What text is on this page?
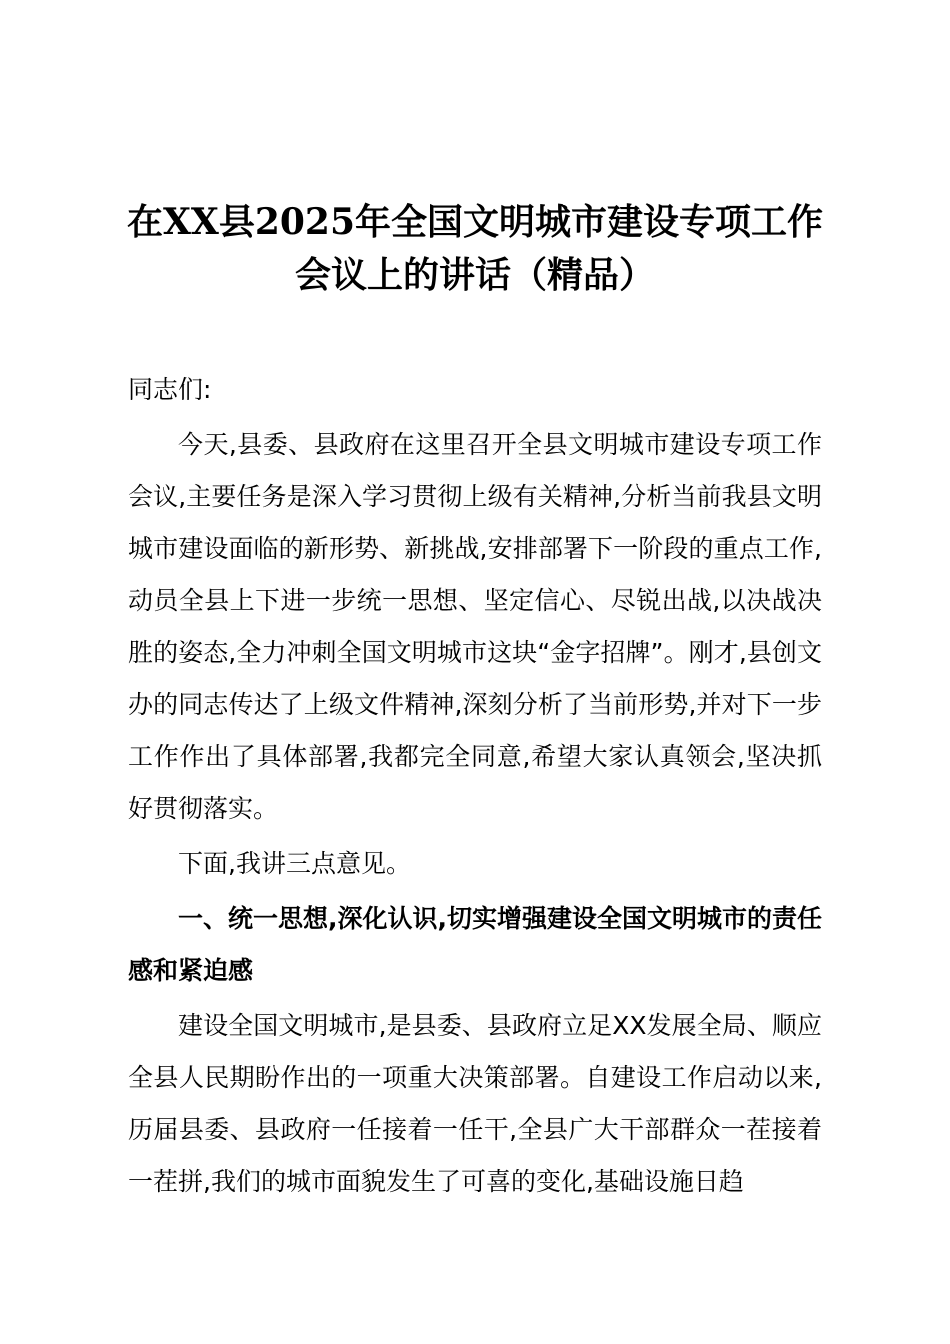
在XX县2025年全国文明城市建设专项工作会议上的讲话（精品）

同志们:

今天,县委、县政府在这里召开全县文明城市建设专项工作会议,主要任务是深入学习贯彻上级有关精神,分析当前我县文明城市建设面临的新形势、新挑战,安排部署下一阶段的重点工作,动员全县上下进一步统一思想、坚定信心、尽锐出战,以决战决胜的姿态,全力冲刺全国文明城市这块“金字招牌”。刚才,县创文办的同志传达了上级文件精神,深刻分析了当前形势,并对下一步工作作出了具体部署,我都完全同意,希望大家认真领会,坚决抓好贯彻落实。

下面,我讲三点意见。

一、统一思想,深化认识,切实增强建设全国文明城市的责任感和紧迫感

建设全国文明城市,是县委、县政府立足XX发展全局、顺应全县人民期盼作出的一项重大决策部署。自建设工作启动以来,历届县委、县政府一任接着一任干,全县广大干部群众一茬接着一茬拼,我们的城市面貌发生了可喜的变化,基础设施日趋
